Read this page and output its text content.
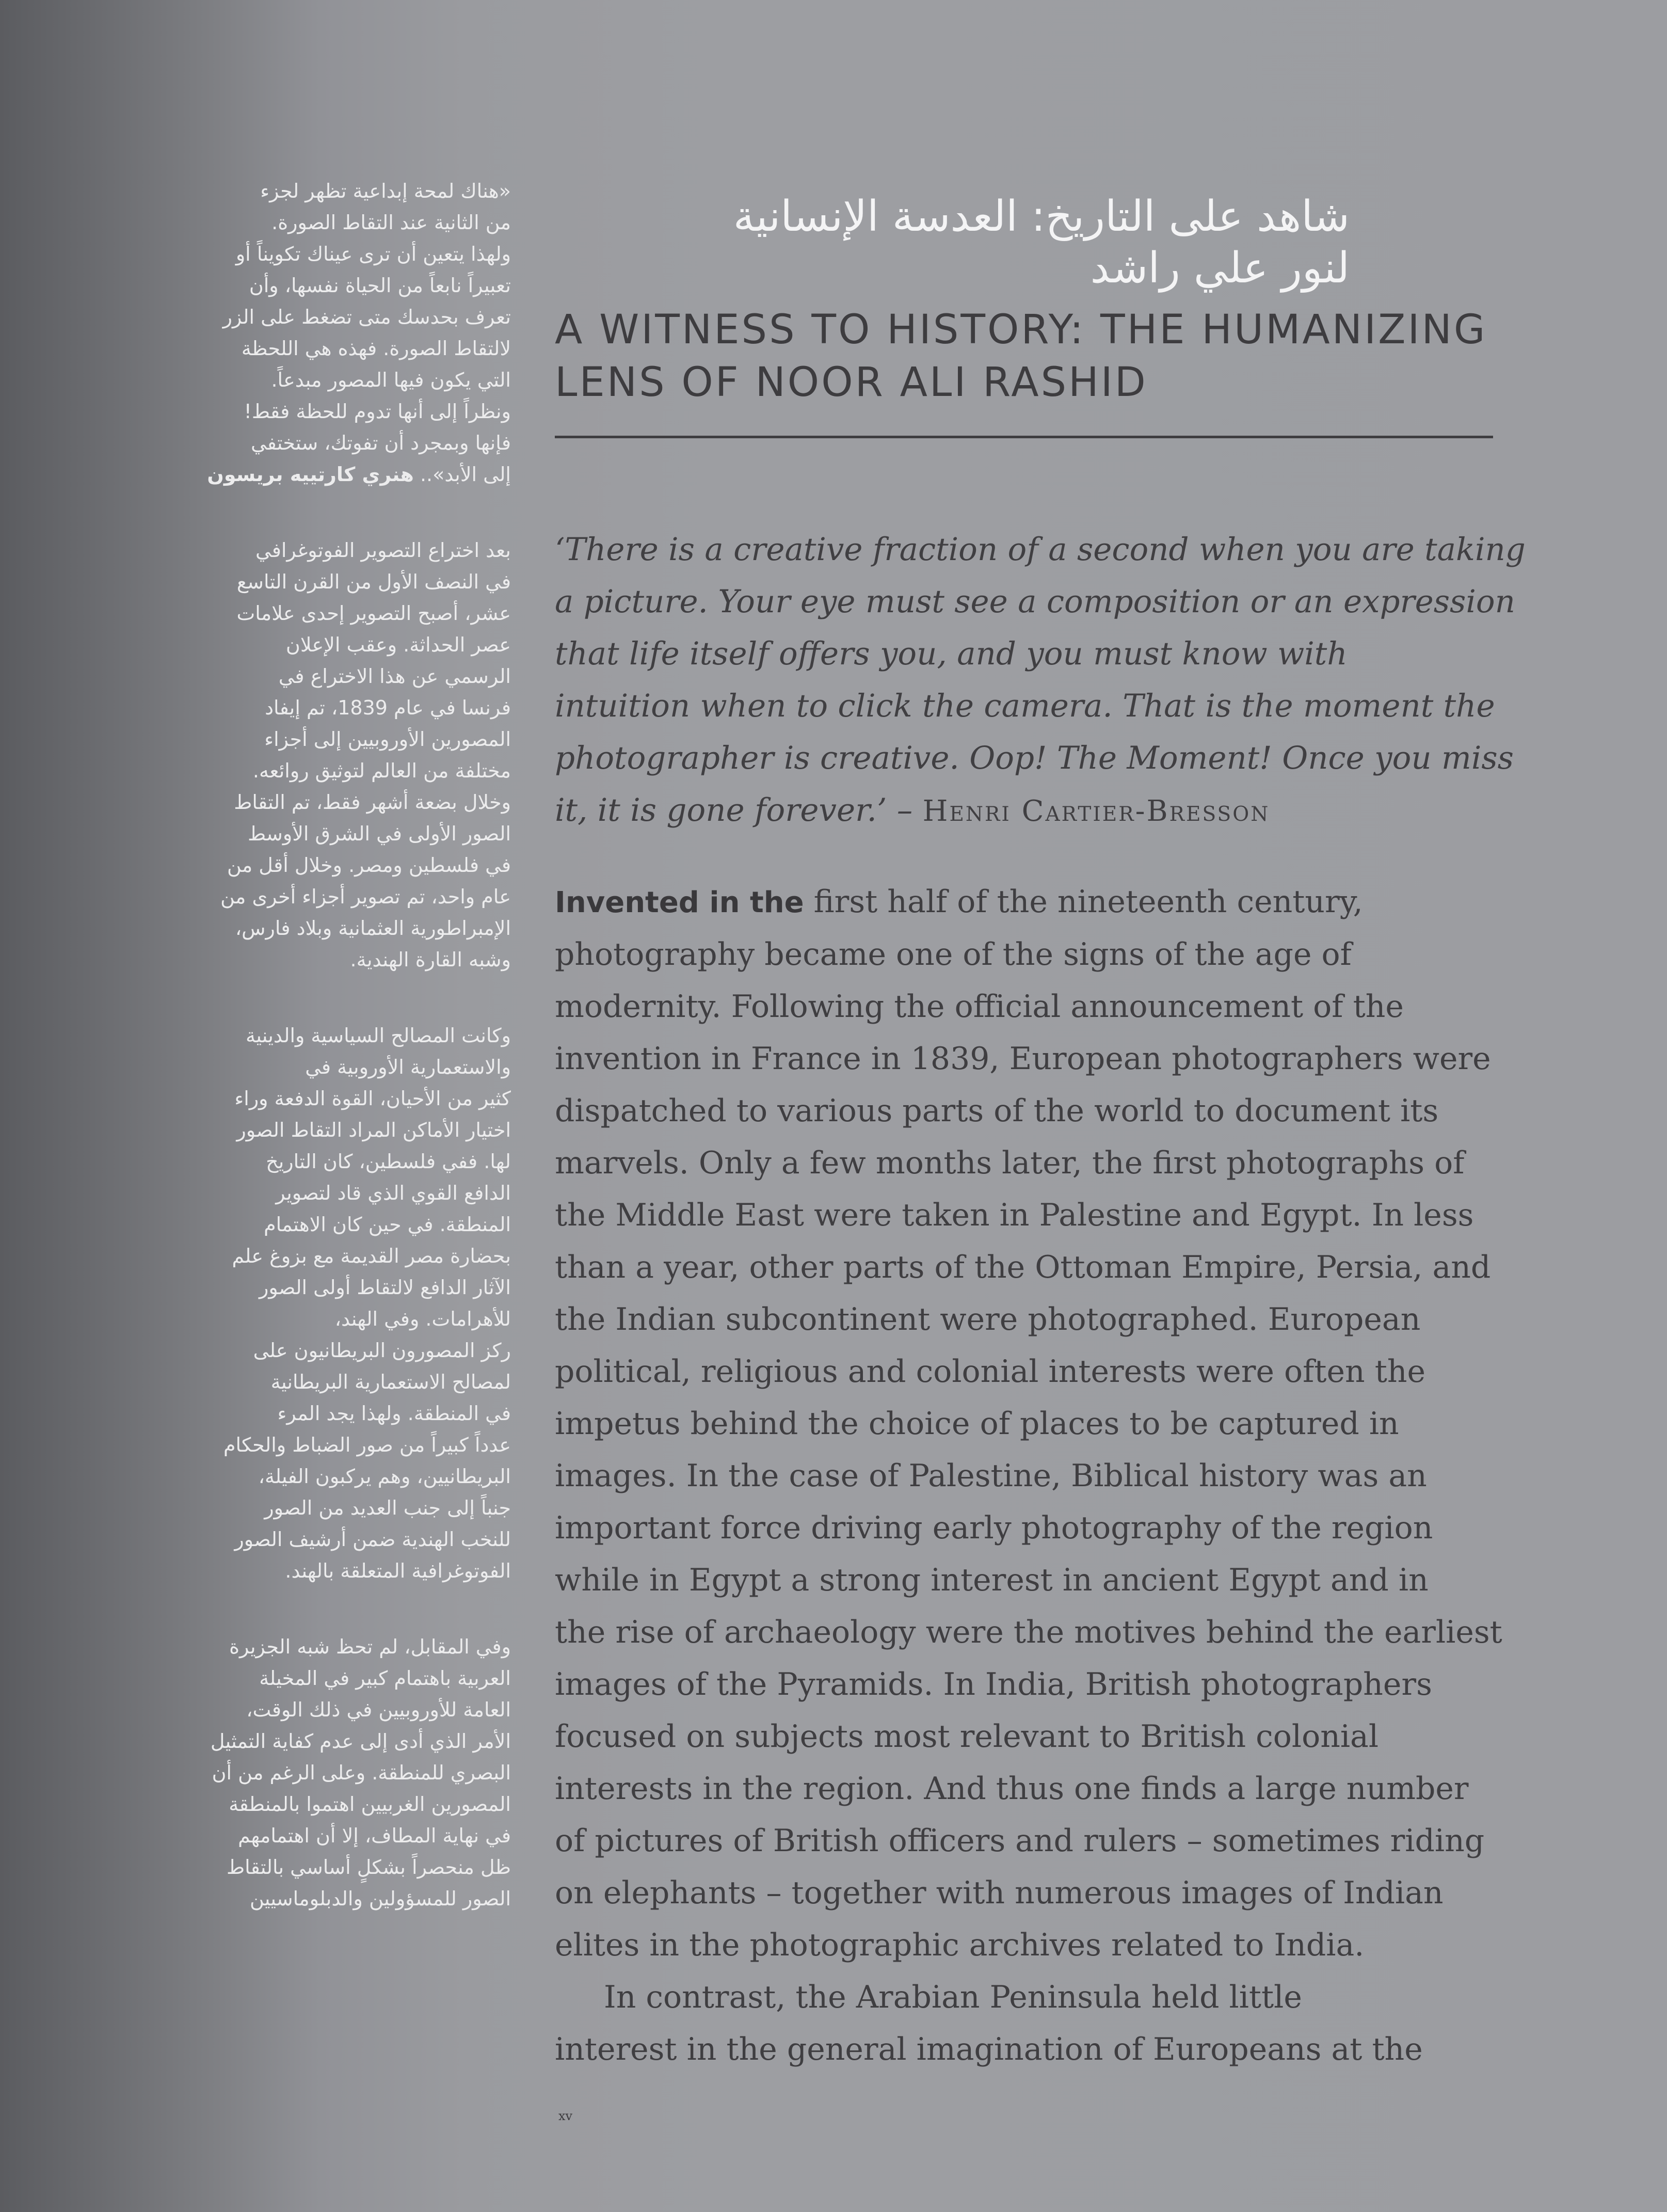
«هناك لمحة إبداعية تظهر لجزء
من الثانية عند التقاط الصورة.
ولهذا يتعين أن ترى عيناك تكويناً أو
تعبيراً نابعاً من الحياة نفسها، وأن
تعرف بحدسك متى تضغط على الزر
لالتقاط الصورة. فهذه هي اللحظة
التي يكون فيها المصور مبدعاً.
ونظراً إلى أنها تدوم للحظة فقط!
فإنها وبمجرد أن تفوتك، ستختفي
إلى الأبد».. هنري كارتييه بريسون
بعد اختراع التصوير الفوتوغرافي
في النصف الأول من القرن التاسع
عشر، أصبح التصوير إحدى علامات
عصر الحداثة. وعقب الإعلان
الرسمي عن هذا الاختراع في
فرنسا في عام 1839، تم إيفاد
المصورين الأوروبيين إلى أجزاء
مختلفة من العالم لتوثيق روائعه.
وخلال بضعة أشهر فقط، تم التقاط
الصور الأولى في الشرق الأوسط
في فلسطين ومصر. وخلال أقل من
عام واحد، تم تصوير أجزاء أخرى من
الإمبراطورية العثمانية وبلاد فارس،
وشبه القارة الهندية.
وكانت المصالح السياسية والدينية
والاستعمارية الأوروبية في
كثير من الأحيان، القوة الدفعة وراء
اختيار الأماكن المراد التقاط الصور
لها. ففي فلسطين، كان التاريخ
الدافع القوي الذي قاد لتصوير
المنطقة. في حين كان الاهتمام
بحضارة مصر القديمة مع بزوغ علم
الآثار الدافع لالتقاط أولى الصور
للأهرامات. وفي الهند،
ركز المصورون البريطانيون على
لمصالح الاستعمارية البريطانية
في المنطقة. ولهذا يجد المرء
عدداً كبيراً من صور الضباط والحكام
البريطانيين، وهم يركبون الفيلة،
جنباً إلى جنب العديد من الصور
للنخب الهندية ضمن أرشيف الصور
الفوتوغرافية المتعلقة بالهند.
وفي المقابل، لم تحظ شبه الجزيرة
العربية باهتمام كبير في المخيلة
العامة للأوروبيين في ذلك الوقت،
الأمر الذي أدى إلى عدم كفاية التمثيل
البصري للمنطقة. وعلى الرغم من أن
المصورين الغربيين اهتموا بالمنطقة
في نهاية المطاف، إلا أن اهتمامهم
ظل منحصراً بشكلٍ أساسي بالتقاط
الصور للمسؤولين والدبلوماسيين
شاهد على التاريخ: العدسة الإنسانية
لنور علي راشد
A WITNESS TO HISTORY: THE HUMANIZING
LENS OF NOOR ALI RASHID
‘There is a creative fraction of a second when you are taking
a picture. Your eye must see a composition or an expression
that life itself offers you, and you must know with
intuition when to click the camera. That is the moment the
photographer is creative. Oop! The Moment! Once you miss
it, it is gone forever.’ – Henri Cartier-Bresson

Invented in the first half of the nineteenth century,
photography became one of the signs of the age of
modernity. Following the official announcement of the
invention in France in 1839, European photographers were
dispatched to various parts of the world to document its
marvels. Only a few months later, the first photographs of
the Middle East were taken in Palestine and Egypt. In less
than a year, other parts of the Ottoman Empire, Persia, and
the Indian subcontinent were photographed. European
political, religious and colonial interests were often the
impetus behind the choice of places to be captured in
images. In the case of Palestine, Biblical history was an
important force driving early photography of the region
while in Egypt a strong interest in ancient Egypt and in
the rise of archaeology were the motives behind the earliest
images of the Pyramids. In India, British photographers
focused on subjects most relevant to British colonial
interests in the region. And thus one finds a large number
of pictures of British officers and rulers – sometimes riding
on elephants – together with numerous images of Indian
elites in the photographic archives related to India.

In contrast, the Arabian Peninsula held little
interest in the general imagination of Europeans at the

xv
